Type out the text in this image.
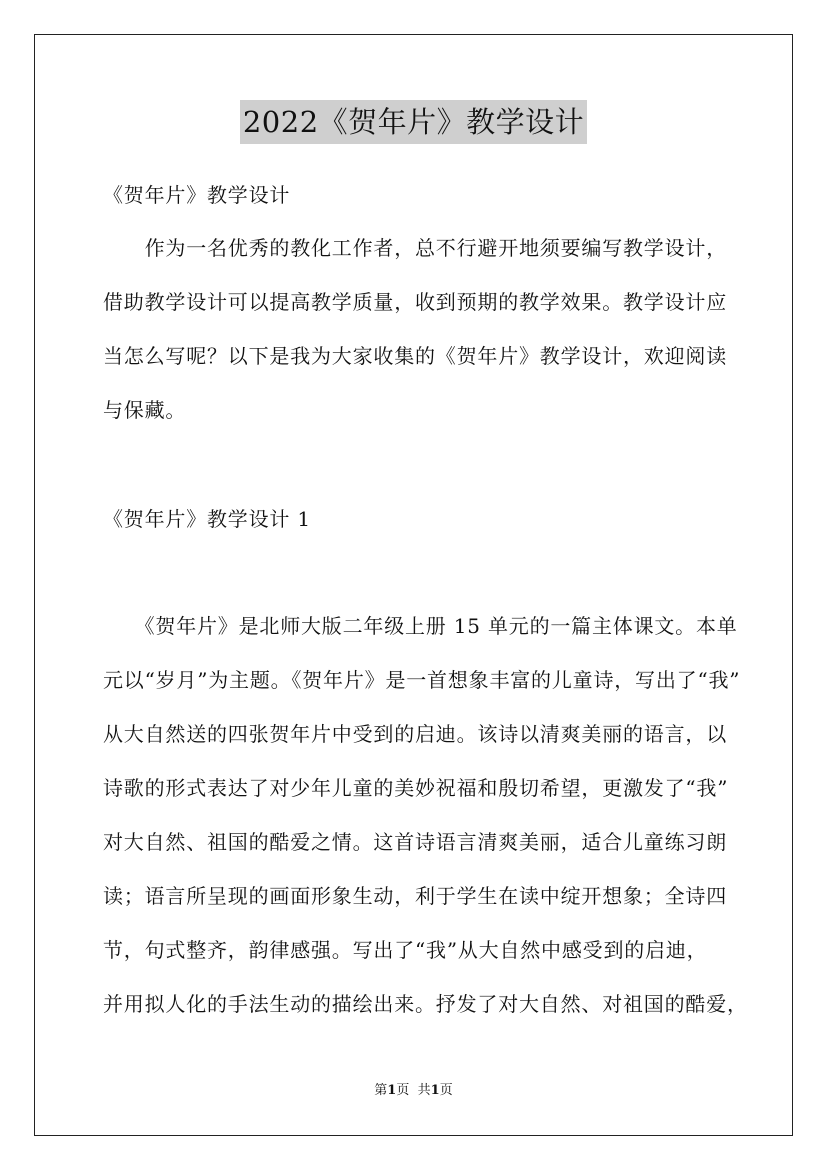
2022《贺年片》教学设计
《贺年片》教学设计
　　作为一名优秀的教化工作者，总不行避开地须要编写教学设计，
借助教学设计可以提高教学质量，收到预期的教学效果。教学设计应
当怎么写呢？以下是我为大家收集的《贺年片》教学设计，欢迎阅读
与保藏。
《贺年片》教学设计 1
　　《贺年片》是北师大版二年级上册 15 单元的一篇主体课文。本单
元以“岁月”为主题。《贺年片》是一首想象丰富的儿童诗，写出了“我”
从大自然送的四张贺年片中受到的启迪。该诗以清爽美丽的语言，以
诗歌的形式表达了对少年儿童的美妙祝福和殷切希望，更激发了“我”
对大自然、祖国的酷爱之情。这首诗语言清爽美丽，适合儿童练习朗
读；语言所呈现的画面形象生动，利于学生在读中绽开想象；全诗四
节，句式整齐，韵律感强。写出了“我”从大自然中感受到的启迪，
并用拟人化的手法生动的描绘出来。抒发了对大自然、对祖国的酷爱，
第1页 共1页
